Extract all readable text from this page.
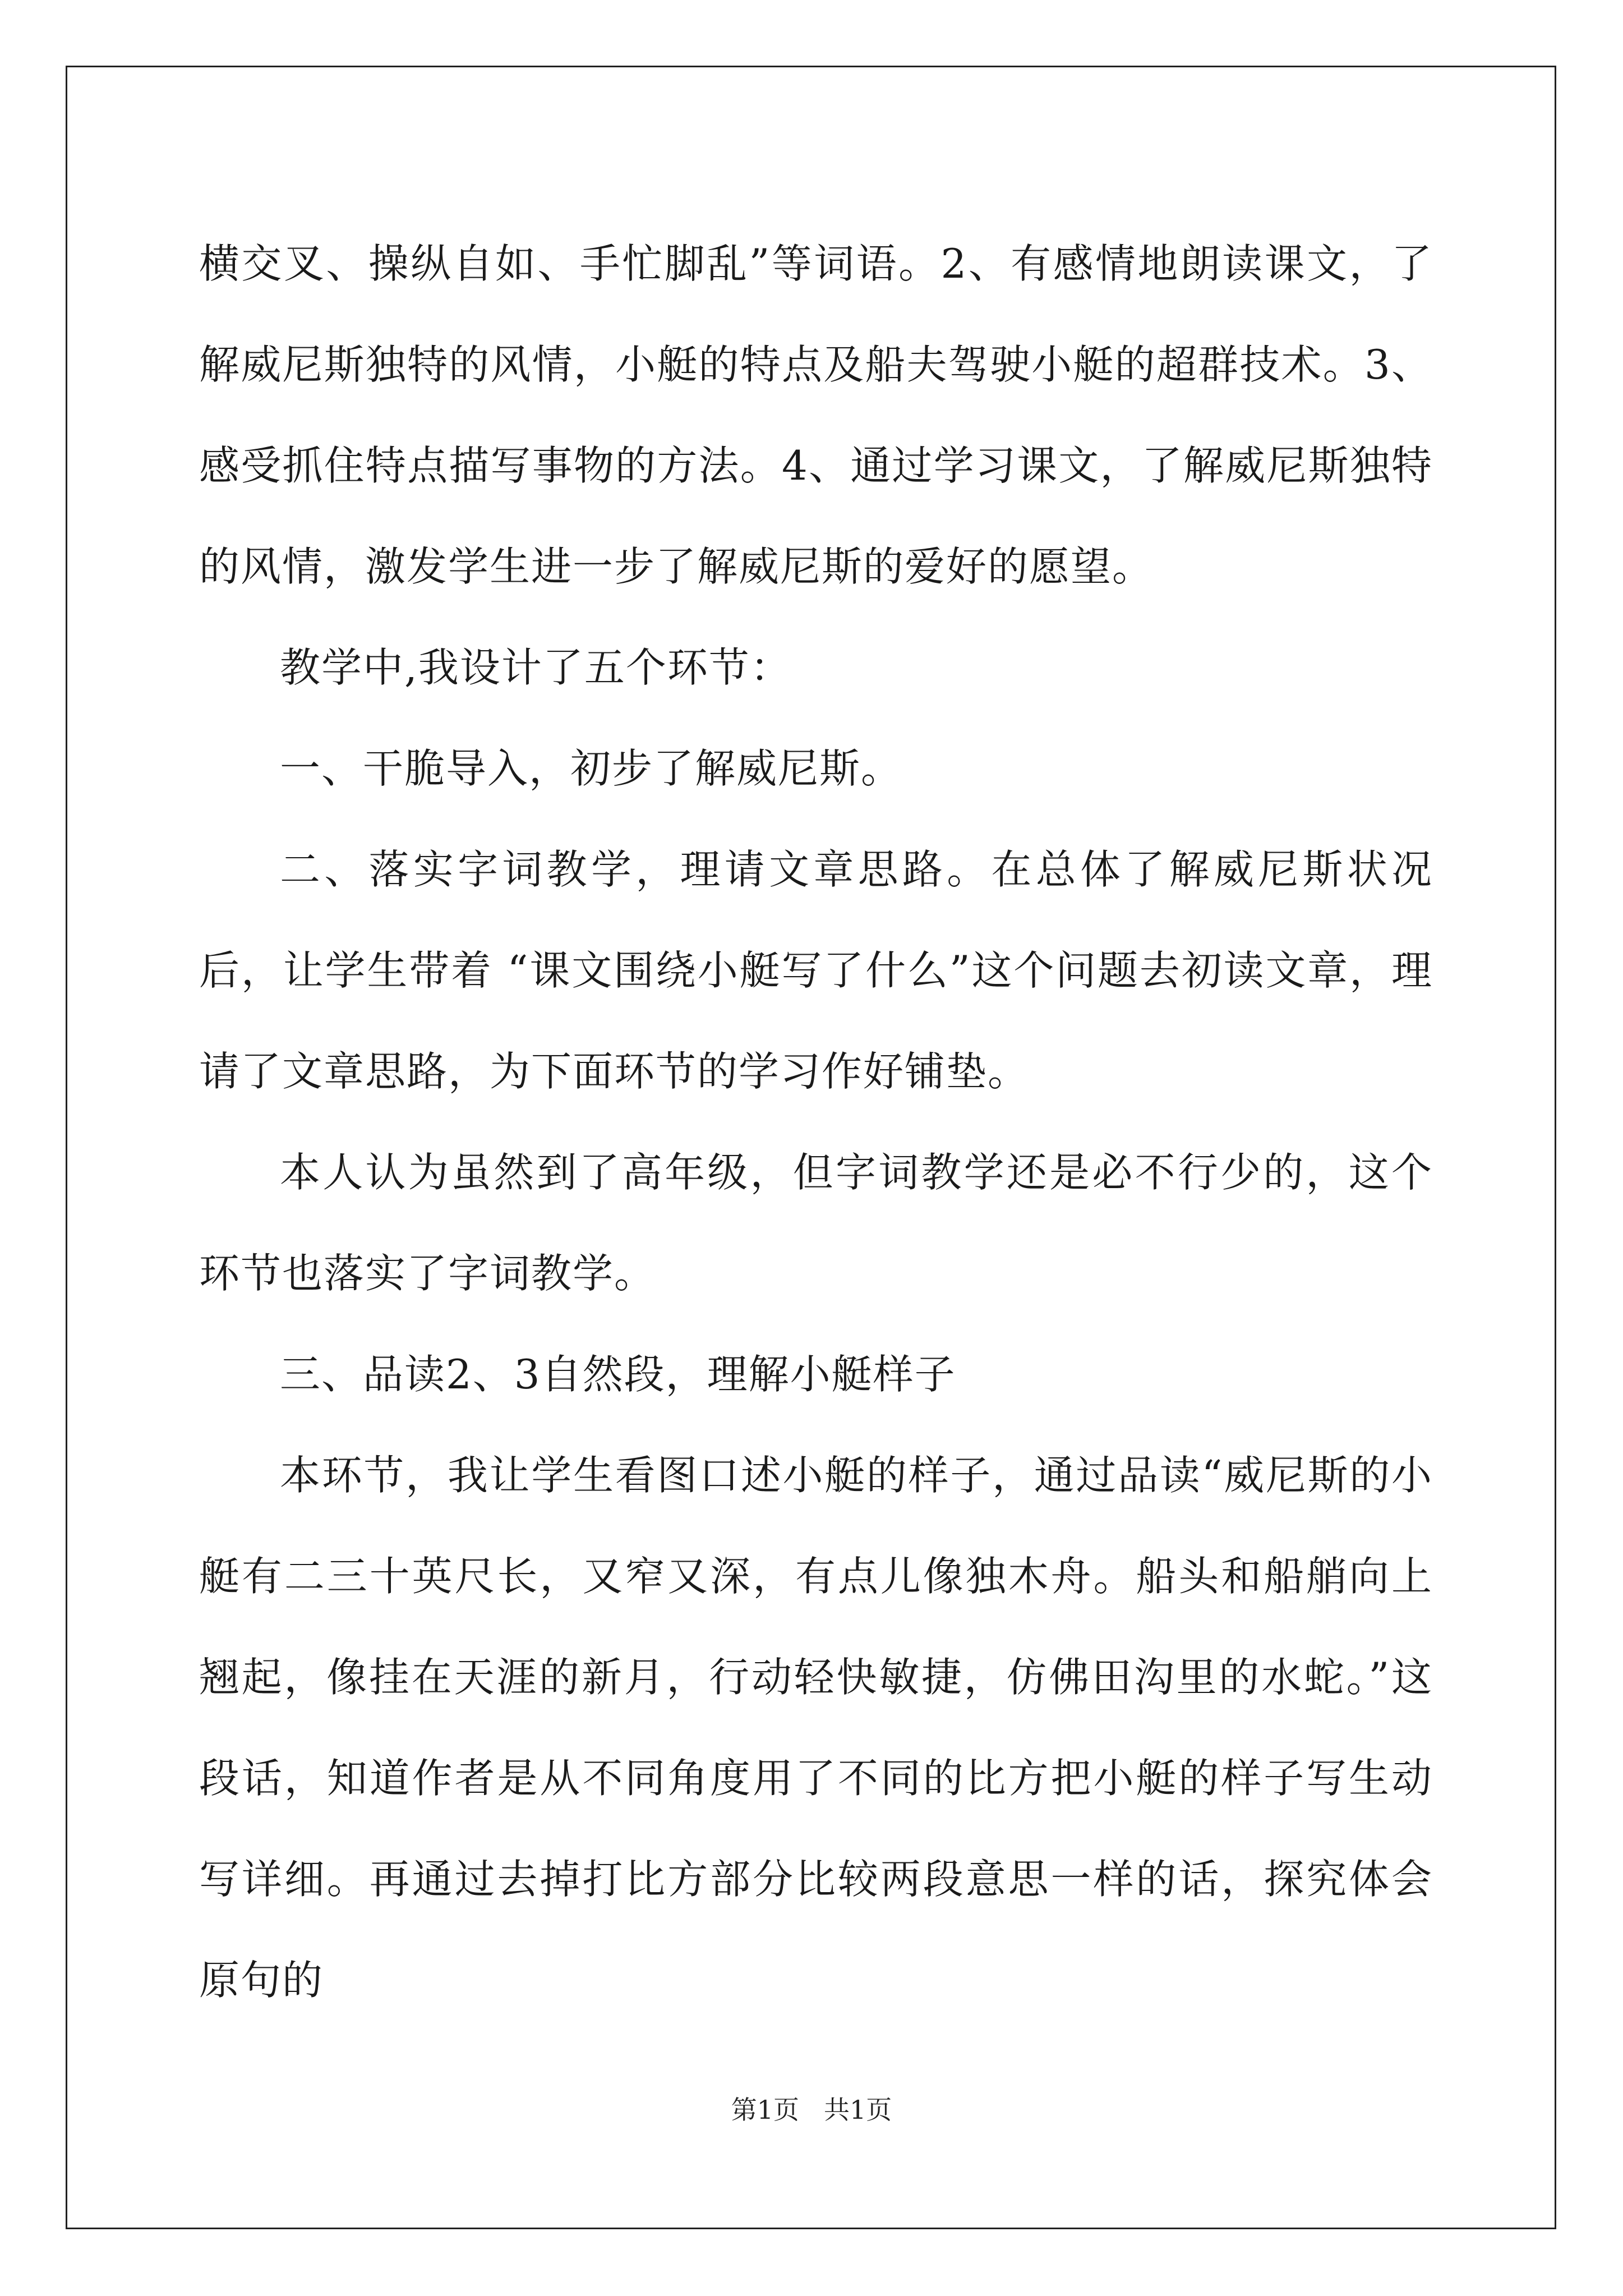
横交叉、操纵自如、手忙脚乱”等词语。2、有感情地朗读课文，了解威尼斯独特的风情，小艇的特点及船夫驾驶小艇的超群技术。3、感受抓住特点描写事物的方法。4、通过学习课文，了解威尼斯独特的风情，激发学生进一步了解威尼斯的爱好的愿望。

教学中,我设计了五个环节：

一、干脆导入，初步了解威尼斯。

二、落实字词教学，理请文章思路。在总体了解威尼斯状况后，让学生带着 “课文围绕小艇写了什么”这个问题去初读文章，理请了文章思路，为下面环节的学习作好铺垫。

本人认为虽然到了高年级，但字词教学还是必不行少的，这个环节也落实了字词教学。

三、品读2、3自然段，理解小艇样子

本环节，我让学生看图口述小艇的样子，通过品读“威尼斯的小艇有二三十英尺长，又窄又深，有点儿像独木舟。船头和船艄向上翘起，像挂在天涯的新月，行动轻快敏捷，仿佛田沟里的水蛇。”这段话，知道作者是从不同角度用了不同的比方把小艇的样子写生动写详细。再通过去掉打比方部分比较两段意思一样的话，探究体会原句的

第1页 共1页
